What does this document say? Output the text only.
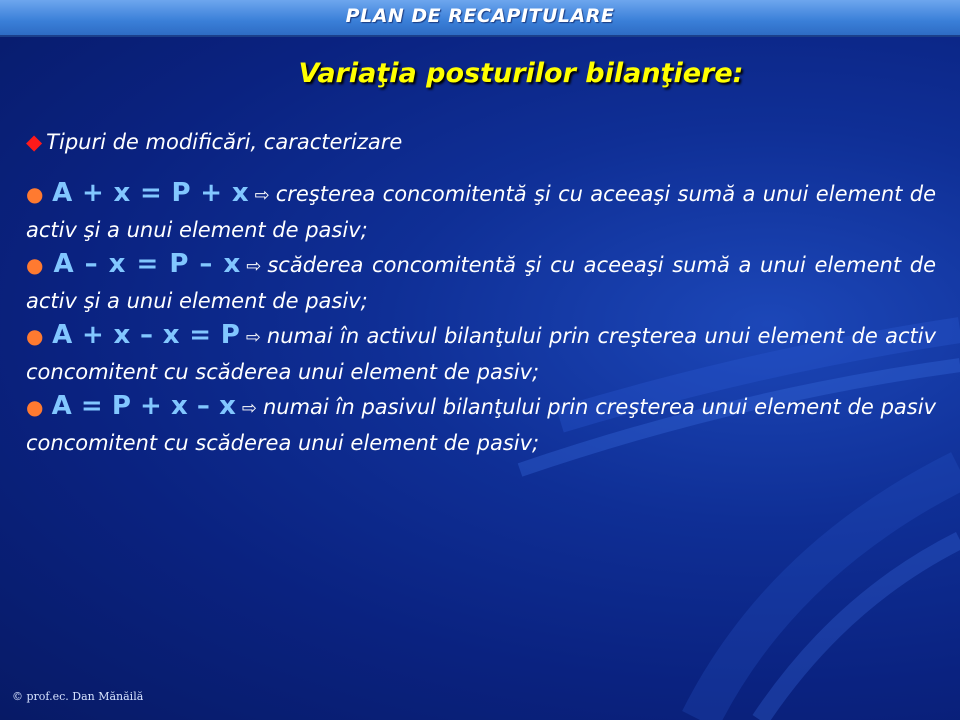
PLAN DE RECAPITULARE
Variaţia posturilor bilanţiere:
◆ Tipuri de modificări, caracterizare

● A + x = P + x ⇨ creşterea concomitentă şi cu aceeaşi sumă a unui element de activ şi a unui element de pasiv;

● A – x = P – x ⇨ scăderea concomitentă şi cu aceeaşi sumă a unui element de activ şi a unui element de pasiv;

● A + x – x = P ⇨ numai în activul bilanţului prin creşterea unui element de activ concomitent cu scăderea unui element de pasiv;

● A = P + x – x ⇨ numai în pasivul bilanţului prin creşterea unui element de pasiv concomitent cu scăderea unui element de pasiv;

© prof.ec. Dan Mănăilă
